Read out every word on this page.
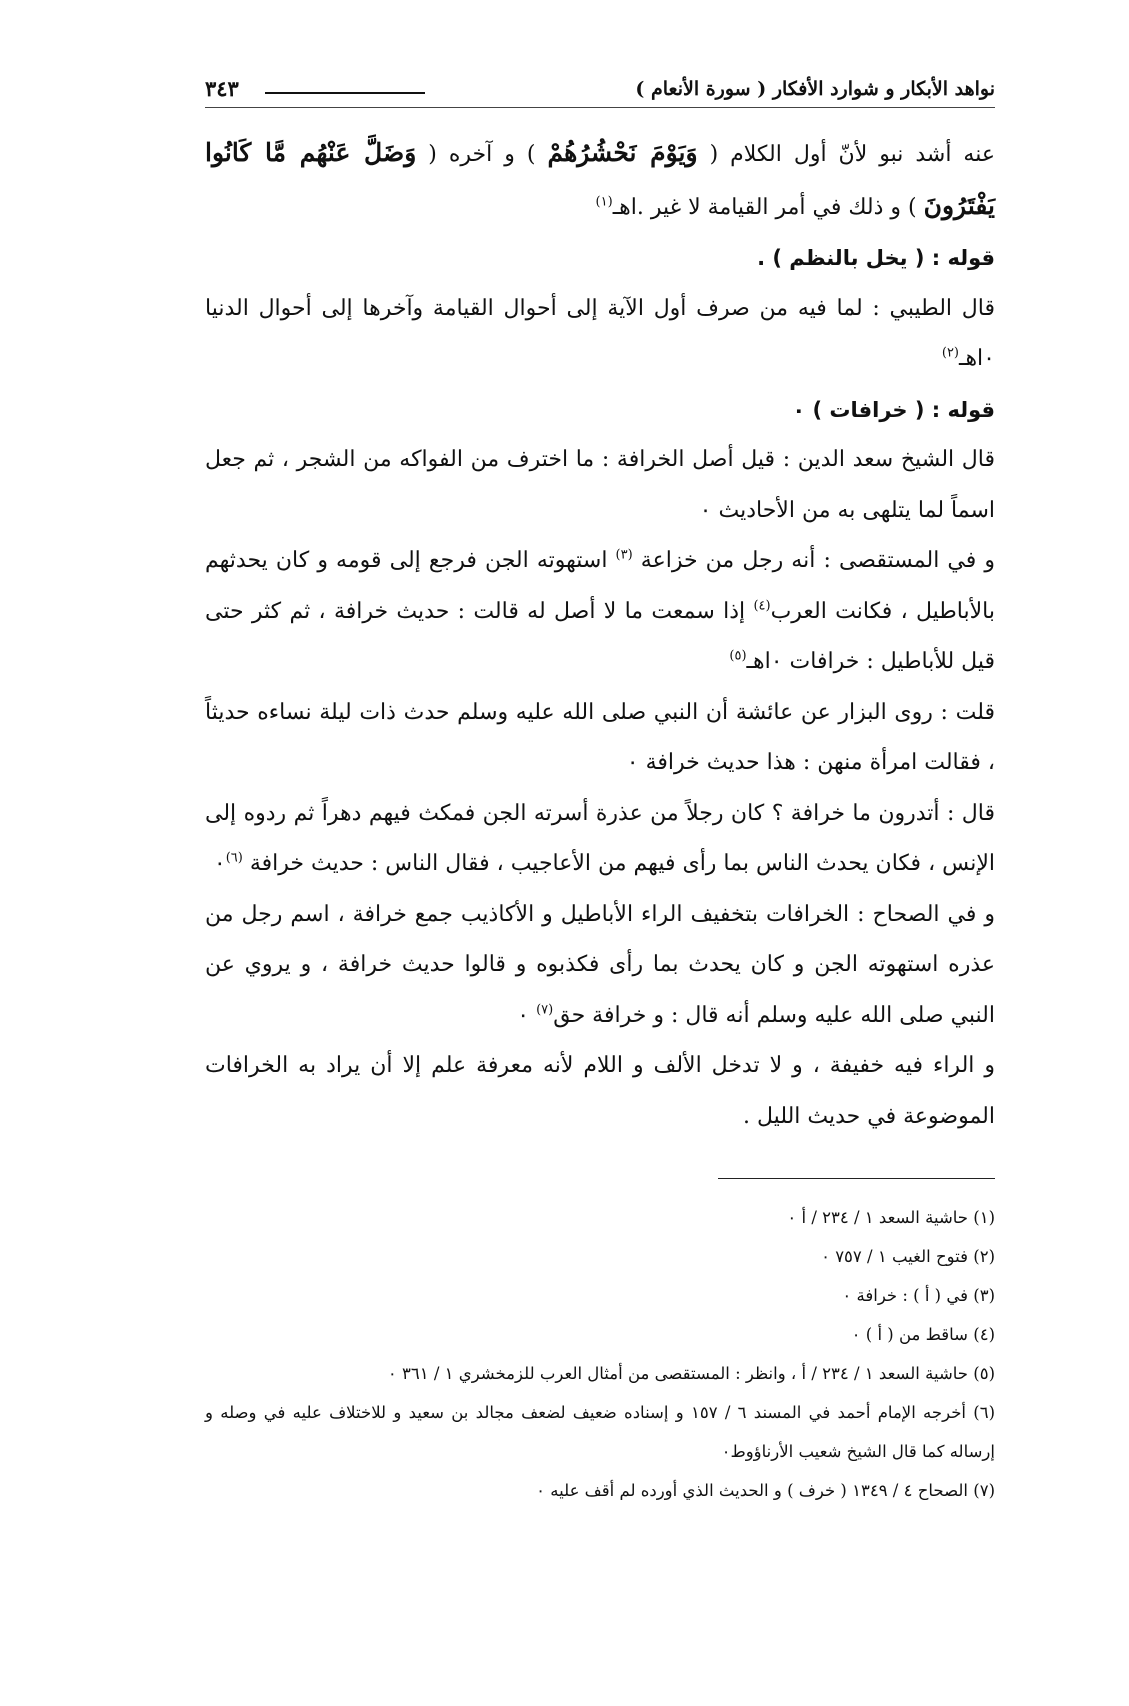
نواهد الأبكار و شوارد الأفكار ( سورة الأنعام )
٣٤٣

عنه أشد نبو لأنّ أول الكلام ( وَيَوْمَ نَحْشُرُهُمْ ) و آخره ( وَضَلَّ عَنْهُم مَّا كَانُوا يَفْتَرُونَ ) و ذلك في أمر القيامة لا غير .اهـ$^{(١)}$

قوله : ( يخل بالنظم ) .

قال الطيبي : لما فيه من صرف أول الآية إلى أحوال القيامة وآخرها إلى أحوال الدنيا ٠اهـ$^{(٢)}$

قوله : ( خرافات ) ٠

قال الشيخ سعد الدين : قيل أصل الخرافة : ما اخترف من الفواكه من الشجر ، ثم جعل اسماً لما يتلهى به من الأحاديث ٠

و في المستقصى : أنه رجل من خزاعة $^{(٣)}$ استهوته الجن فرجع إلى قومه و كان يحدثهم بالأباطيل ، فكانت العرب$^{(٤)}$ إذا سمعت ما لا أصل له قالت : حديث خرافة ، ثم كثر حتى قيل للأباطيل : خرافات ٠اهـ$^{(٥)}$

قلت : روى البزار عن عائشة أن النبي صلى الله عليه وسلم حدث ذات ليلة نساءه حديثاً ، فقالت امرأة منهن : هذا حديث خرافة ٠

قال : أتدرون ما خرافة ؟ كان رجلاً من عذرة أسرته الجن فمكث فيهم دهراً ثم ردوه إلى الإنس ، فكان يحدث الناس بما رأى فيهم من الأعاجيب ، فقال الناس : حديث خرافة $^{(٦)}$٠

و في الصحاح : الخرافات بتخفيف الراء الأباطيل و الأكاذيب جمع خرافة ، اسم رجل من عذره استهوته الجن و كان يحدث بما رأى فكذبوه و قالوا حديث خرافة ، و يروي عن النبي صلى الله عليه وسلم أنه قال : و خرافة حق$^{(٧)}$ ٠

و الراء فيه خفيفة ، و لا تدخل الألف و اللام لأنه معرفة علم إلا أن يراد به الخرافات الموضوعة في حديث الليل .

(١) حاشية السعد ١ / ٢٣٤ / أ ٠

(٢) فتوح الغيب ١ / ٧٥٧ ٠

(٣) في ( أ ) : خرافة ٠

(٤) ساقط من ( أ ) ٠

(٥) حاشية السعد ١ / ٢٣٤ / أ ، وانظر : المستقصى من أمثال العرب للزمخشري ١ / ٣٦١ ٠

(٦) أخرجه الإمام أحمد في المسند ٦ / ١٥٧ و إسناده ضعيف لضعف مجالد بن سعيد و للاختلاف عليه في وصله و إرساله كما قال الشيخ شعيب الأرناؤوط٠

(٧) الصحاح ٤ / ١٣٤٩ ( خرف ) و الحديث الذي أورده لم أقف عليه ٠
